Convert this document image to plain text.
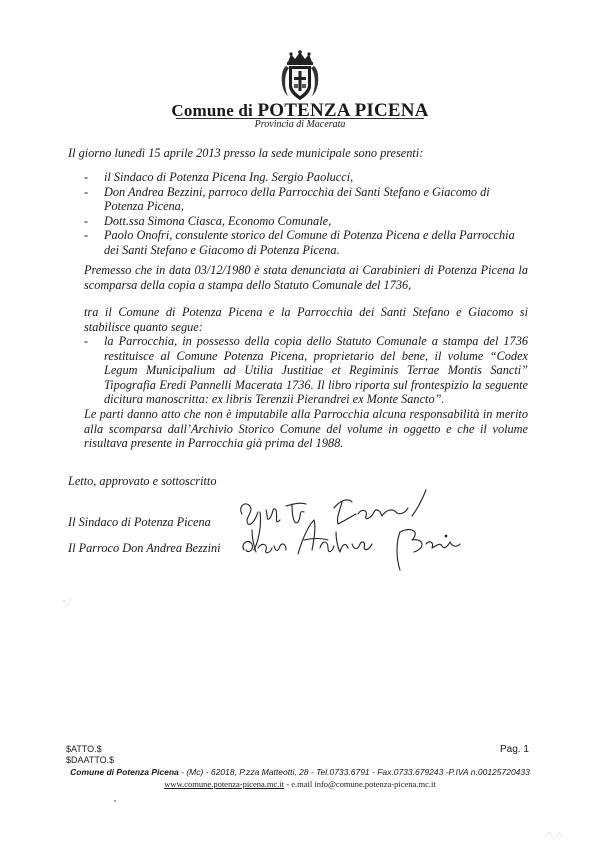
Comune di POTENZA PICENA
Provincia di Macerata

Il giorno lunedì 15 aprile 2013 presso la sede municipale sono presenti:

- il Sindaco di Potenza Picena Ing. Sergio Paolucci,
- Don Andrea Bezzini, parroco della Parrocchia dei Santi Stefano e Giacomo di Potenza Picena,
- Dott.ssa Simona Ciasca, Economo Comunale,
- Paolo Onofri, consulente storico del Comune di Potenza Picena e della Parrocchia dei Santi Stefano e Giacomo di Potenza Picena.

Premesso che in data 03/12/1980 è stata denunciata ai Carabinieri di Potenza Picena la scomparsa della copia a stampa dello Statuto Comunale del 1736,

tra il Comune di Potenza Picena e la Parrocchia dei Santi Stefano e Giacomo si stabilisce quanto segue:

- la Parrocchia, in possesso della copia dello Statuto Comunale a stampa del 1736 restituisce al Comune Potenza Picena, proprietario del bene, il volume “Codex Legum Municipalium ad Utilia Justitiae et Regiminis Terrae Montis Sancti” Tipografia Eredi Pannelli Macerata 1736. Il libro riporta sul frontespizio la seguente dicitura manoscritta: ex libris Terenzii Pierandrei ex Monte Sancto”.

Le parti danno atto che non è imputabile alla Parrocchia alcuna responsabilità in merito alla scomparsa dall’Archivio Storico Comune del volume in oggetto e che il volume risultava presente in Parrocchia già prima del 1988.

Letto, approvato e sottoscritto

Il Sindaco di Potenza Picena

Il Parroco Don Andrea Bezzini

$ATTO.$
$DAATTO.$
Pag. 1
Comune di Potenza Picena - (Mc) - 62018, P.zza Matteotti, 28 - Tel.0733.6791 - Fax.0733.679243 -P.IVA n.00125720433
www.comune.potenza-picena.mc.it - e.mail info@comune.potenza-picena.mc.it
